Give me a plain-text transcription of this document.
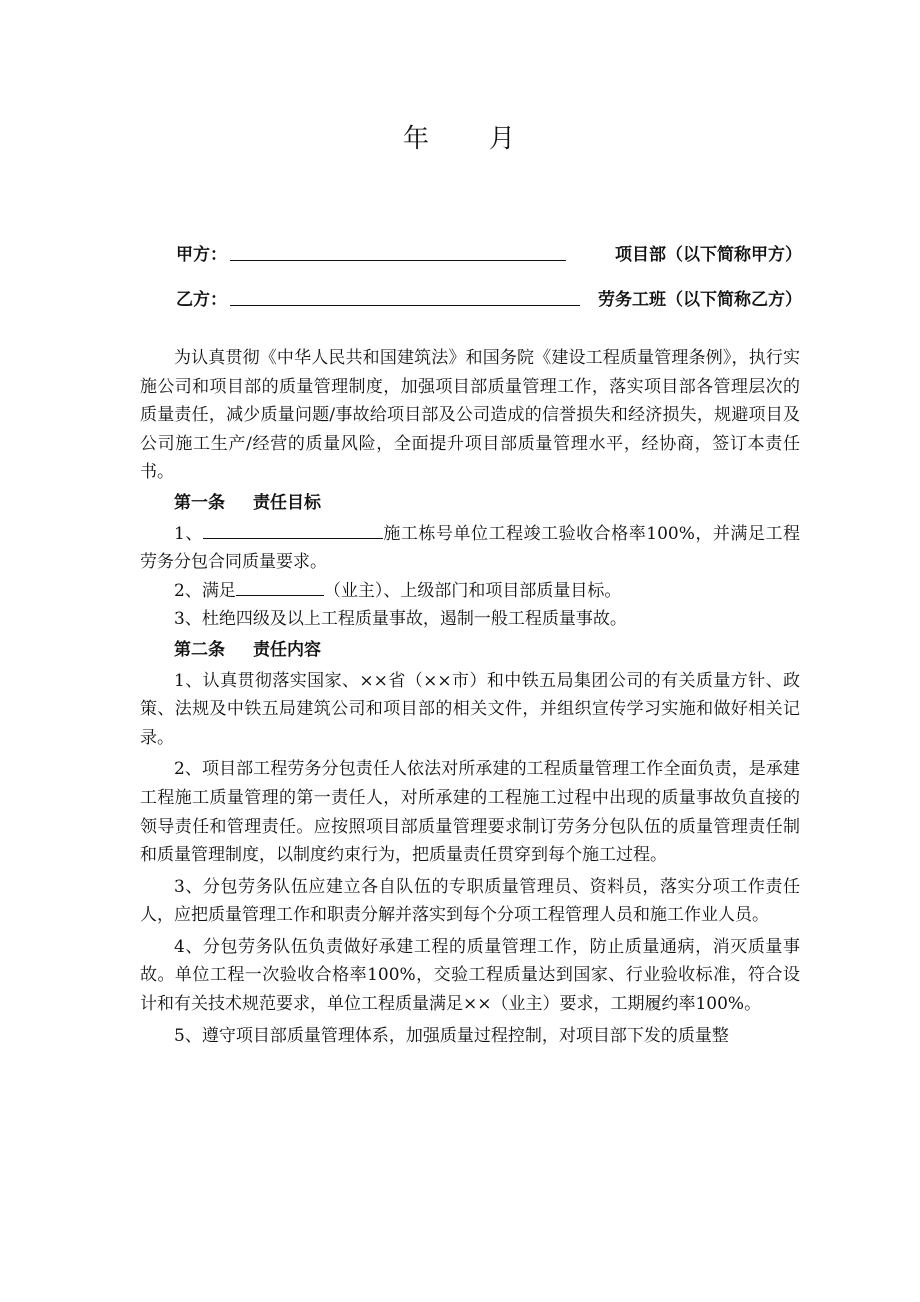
年 月
甲方：	项目部（以下简称甲方）
乙方：	劳务工班（以下简称乙方）

为认真贯彻《中华人民共和国建筑法》和国务院《建设工程质量管理条例》，执行实施公司和项目部的质量管理制度，加强项目部质量管理工作，落实项目部各管理层次的质量责任，减少质量问题/事故给项目部及公司造成的信誉损失和经济损失，规避项目及公司施工生产/经营的质量风险，全面提升项目部质量管理水平，经协商，签订本责任书。

第一条 责任目标

1、	施工栋号单位工程竣工验收合格率100%，并满足工程劳务分包合同质量要求。

2、满足	（业主）、上级部门和项目部质量目标。

3、杜绝四级及以上工程质量事故，遏制一般工程质量事故。

第二条 责任内容

1、认真贯彻落实国家、××省（××市）和中铁五局集团公司的有关质量方针、政策、法规及中铁五局建筑公司和项目部的相关文件，并组织宣传学习实施和做好相关记录。

2、项目部工程劳务分包责任人依法对所承建的工程质量管理工作全面负责，是承建工程施工质量管理的第一责任人，对所承建的工程施工过程中出现的质量事故负直接的领导责任和管理责任。应按照项目部质量管理要求制订劳务分包队伍的质量管理责任制和质量管理制度，以制度约束行为，把质量责任贯穿到每个施工过程。

3、分包劳务队伍应建立各自队伍的专职质量管理员、资料员，落实分项工作责任人，应把质量管理工作和职责分解并落实到每个分项工程管理人员和施工作业人员。

4、分包劳务队伍负责做好承建工程的质量管理工作，防止质量通病，消灭质量事故。单位工程一次验收合格率100%，交验工程质量达到国家、行业验收标准，符合设计和有关技术规范要求，单位工程质量满足××（业主）要求，工期履约率100%。

5、遵守项目部质量管理体系，加强质量过程控制，对项目部下发的质量整
